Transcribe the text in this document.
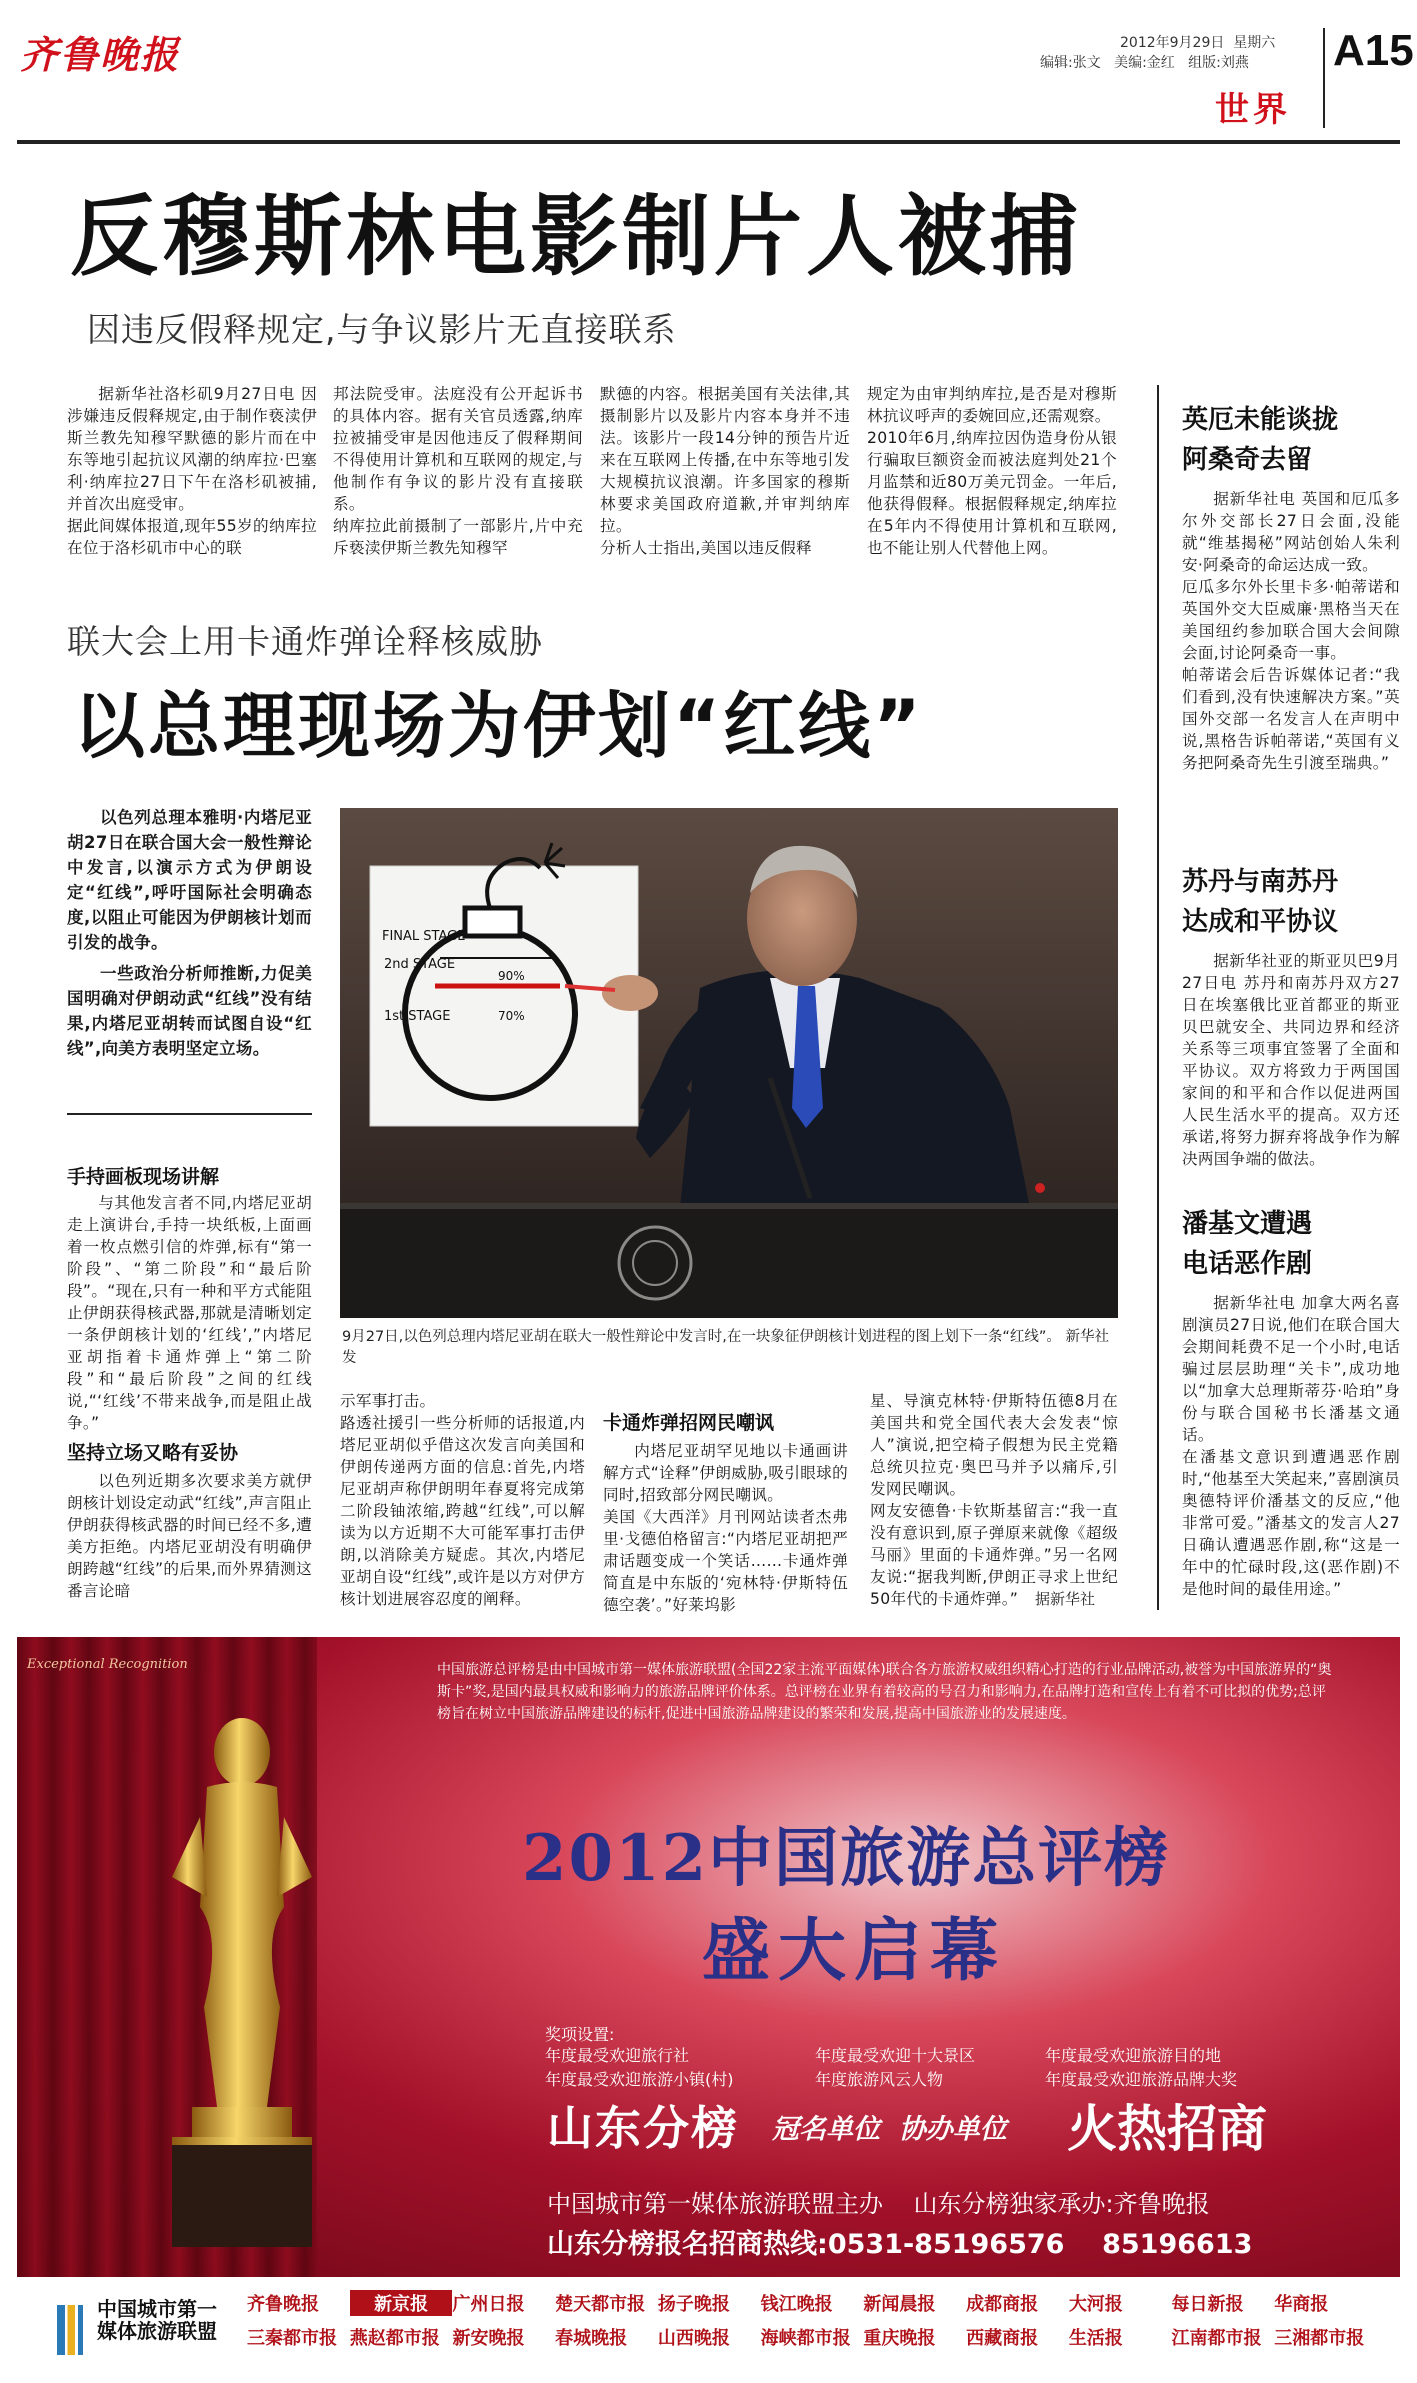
齐鲁晚报	2012年9月29日 星期六
编辑:张文   美编:金红   组版:刘燕 A15
世界
反穆斯林电影制片人被捕
因违反假释规定,与争议影片无直接联系
据新华社洛杉矶9月27日电 因涉嫌违反假释规定,由于制作亵渎伊斯兰教先知穆罕默德的影片而在中东等地引起抗议风潮的纳库拉·巴塞利·纳库拉27日下午在洛杉矶被捕,并首次出庭受审。
据此间媒体报道,现年55岁的纳库拉在位于洛杉矶市中心的联
邦法院受审。法庭没有公开起诉书的具体内容。据有关官员透露,纳库拉被捕受审是因他违反了假释期间不得使用计算机和互联网的规定,与他制作有争议的影片没有直接联系。
纳库拉此前摄制了一部影片,片中充斥亵渎伊斯兰教先知穆罕
默德的内容。根据美国有关法律,其摄制影片以及影片内容本身并不违法。该影片一段14分钟的预告片近来在互联网上传播,在中东等地引发大规模抗议浪潮。许多国家的穆斯林要求美国政府道歉,并审判纳库拉。
分析人士指出,美国以违反假释
规定为由审判纳库拉,是否是对穆斯林抗议呼声的委婉回应,还需观察。
2010年6月,纳库拉因伪造身份从银行骗取巨额资金而被法庭判处21个月监禁和近80万美元罚金。一年后,他获得假释。根据假释规定,纳库拉在5年内不得使用计算机和互联网,也不能让别人代替他上网。
联大会上用卡通炸弹诠释核威胁
以总理现场为伊划“红线”

以色列总理本雅明·内塔尼亚胡27日在联合国大会一般性辩论中发言,以演示方式为伊朗设定“红线”,呼吁国际社会明确态度,以阻止可能因为伊朗核计划而引发的战争。

一些政治分析师推断,力促美国明确对伊朗动武“红线”没有结果,内塔尼亚胡转而试图自设“红线”,向美方表明坚定立场。

手持画板现场讲解

与其他发言者不同,内塔尼亚胡走上演讲台,手持一块纸板,上面画着一枚点燃引信的炸弹,标有“第一阶段”、“第二阶段”和“最后阶段”。“现在,只有一种和平方式能阻止伊朗获得核武器,那就是清晰划定一条伊朗核计划的‘红线’,”内塔尼亚胡指着卡通炸弹上“第二阶段”和“最后阶段”之间的红线说,“‘红线’不带来战争,而是阻止战争。”

坚持立场又略有妥协

以色列近期多次要求美方就伊朗核计划设定动武“红线”,声言阻止伊朗获得核武器的时间已经不多,遭美方拒绝。内塔尼亚胡没有明确伊朗跨越“红线”的后果,而外界猜测这番言论暗

FINAL STAGE
2nd STAGE
1st STAGE
90%
70%
9月27日,以色列总理内塔尼亚胡在联大一般性辩论中发言时,在一块象征伊朗核计划进程的图上划下一条“红线”。 新华社发
示军事打击。
路透社援引一些分析师的话报道,内塔尼亚胡似乎借这次发言向美国和伊朗传递两方面的信息:首先,内塔尼亚胡声称伊朗明年春夏将完成第二阶段铀浓缩,跨越“红线”,可以解读为以方近期不大可能军事打击伊朗,以消除美方疑虑。其次,内塔尼亚胡自设“红线”,或许是以方对伊方核计划进展容忍度的阐释。
卡通炸弹招网民嘲讽
内塔尼亚胡罕见地以卡通画讲解方式“诠释”伊朗威胁,吸引眼球的同时,招致部分网民嘲讽。
美国《大西洋》月刊网站读者杰弗里·戈德伯格留言:“内塔尼亚胡把严肃话题变成一个笑话……卡通炸弹简直是中东版的‘宛林特·伊斯特伍德空袭’。”好莱坞影
星、导演克林特·伊斯特伍德8月在美国共和党全国代表大会发表“惊人”演说,把空椅子假想为民主党籍总统贝拉克·奥巴马并予以痛斥,引发网民嘲讽。
网友安德鲁·卡钦斯基留言:“我一直没有意识到,原子弹原来就像《超级马丽》里面的卡通炸弹。”另一名网友说:“据我判断,伊朗正寻求上世纪50年代的卡通炸弹。”	据新华社
英厄未能谈拢
阿桑奇去留
据新华社电 英国和厄瓜多尔外交部长27日会面,没能就“维基揭秘”网站创始人朱利安·阿桑奇的命运达成一致。
厄瓜多尔外长里卡多·帕蒂诺和英国外交大臣威廉·黑格当天在美国纽约参加联合国大会间隙会面,讨论阿桑奇一事。
帕蒂诺会后告诉媒体记者:“我们看到,没有快速解决方案。”英国外交部一名发言人在声明中说,黑格告诉帕蒂诺,“英国有义务把阿桑奇先生引渡至瑞典。”
苏丹与南苏丹
达成和平协议
据新华社亚的斯亚贝巴9月27日电 苏丹和南苏丹双方27日在埃塞俄比亚首都亚的斯亚贝巴就安全、共同边界和经济关系等三项事宜签署了全面和平协议。双方将致力于两国国家间的和平和合作以促进两国人民生活水平的提高。双方还承诺,将努力摒弃将战争作为解决两国争端的做法。
潘基文遭遇
电话恶作剧
据新华社电 加拿大两名喜剧演员27日说,他们在联合国大会期间耗费不足一个小时,电话骗过层层助理“关卡”,成功地以“加拿大总理斯蒂芬·哈珀”身份与联合国秘书长潘基文通话。
在潘基文意识到遭遇恶作剧时,“他基至大笑起来,”喜剧演员奥德特评价潘基文的反应,“他非常可爱。”潘基文的发言人27日确认遭遇恶作剧,称“这是一年中的忙碌时段,这(恶作剧)不是他时间的最佳用途。”
Exceptional Recognition	中国旅游总评榜是由中国城市第一媒体旅游联盟(全国22家主流平面媒体)联合各方旅游权威组织精心打造的行业品牌活动,被誉为中国旅游界的“奥斯卡”奖,是国内最具权威和影响力的旅游品牌评价体系。总评榜在业界有着较高的号召力和影响力,在品牌打造和宣传上有着不可比拟的优势;总评榜旨在树立中国旅游品牌建设的标杆,促进中国旅游品牌建设的繁荣和发展,提高中国旅游业的发展速度。
2012中国旅游总评榜
盛大启幕
奖项设置:
年度最受欢迎旅行社	年度最受欢迎十大景区	年度最受欢迎旅游目的地
年度最受欢迎旅游小镇(村)	年度旅游风云人物	年度最受欢迎旅游品牌大奖
山东分榜 冠名单位  协办单位 火热招商
中国城市第一媒体旅游联盟主办    山东分榜独家承办:齐鲁晚报
山东分榜报名招商热线:0531-85196576 85196613
中国城市第一媒体旅游联盟
齐鲁晚报	新京报	广州日报	楚天都市报 扬子晚报	钱江晚报	新闻晨报	成都商报	大河报	每日新报	华商报
三秦都市报 燕赵都市报 新安晚报	春城晚报	山西晚报	海峡都市报 重庆晚报	西藏商报	生活报	江南都市报 三湘都市报
